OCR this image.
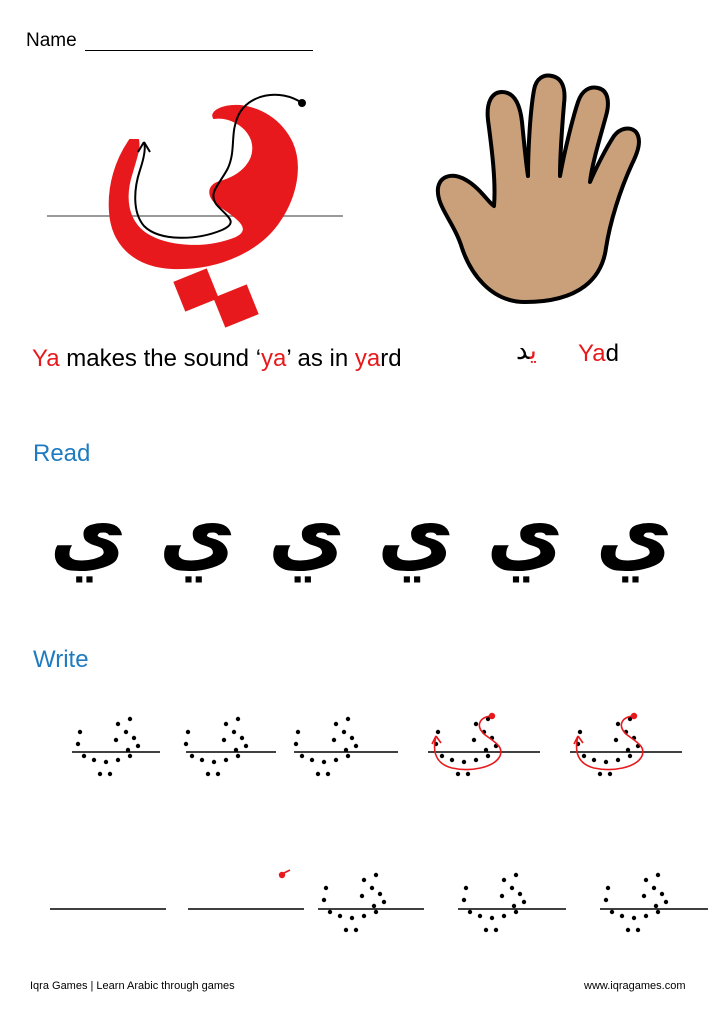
Name
Ya makes the sound ‘ya’ as in yard	يد	Yad
Read
ي ي ي ي ي ي
Write
Iqra Games | Learn Arabic through games	www.iqragames.com
